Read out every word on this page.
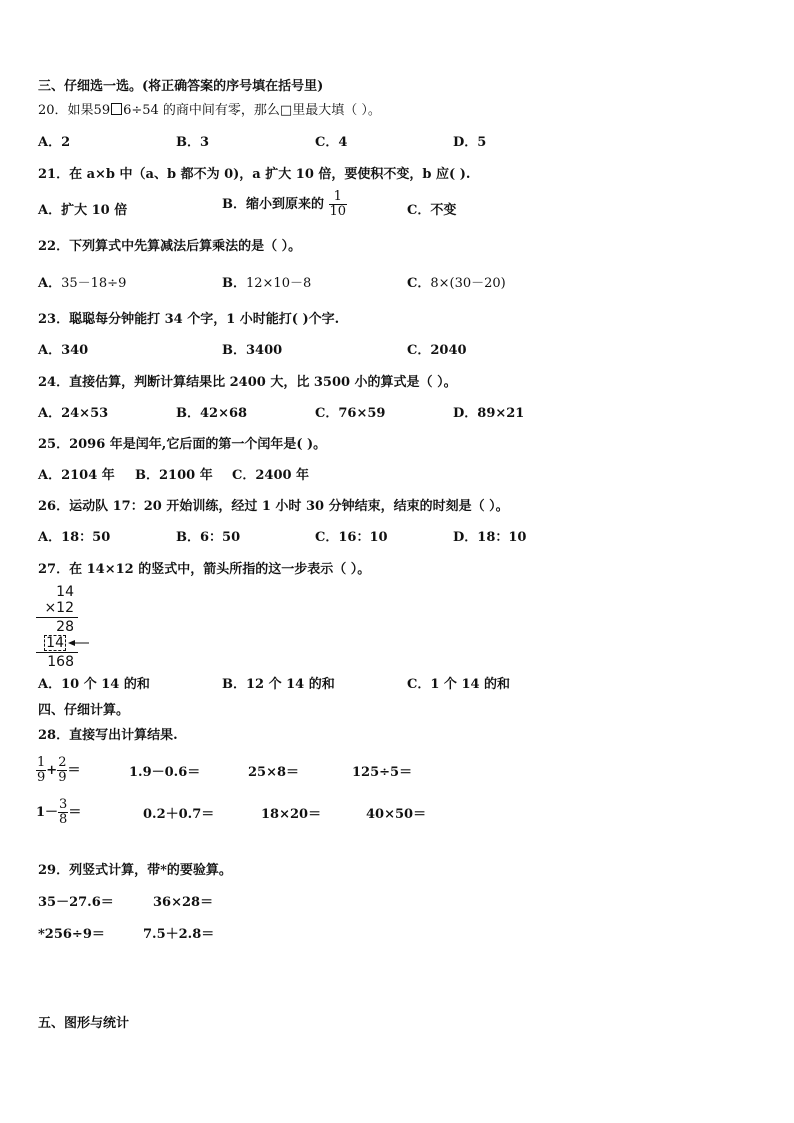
三、仔细选一选。(将正确答案的序号填在括号里)
20．如果59 6÷54 的商中间有零，那么□里最大填（ ）。
A．2	B．3	C．4	D．5
21．在 a×b 中（a、b 都不为 0)，a 扩大 10 倍，要使积不变，b 应( ).
A．扩大 10 倍	B．缩小到原来的 $\frac{1}{10}$	C．不变
22．下列算式中先算减法后算乘法的是（ ）。
A．35－18÷9	B．12×10－8	C．8×(30－20)
23．聪聪每分钟能打 34 个字，1 小时能打( )个字.
A．340	B．3400	C．2040
24．直接估算，判断计算结果比 2400 大，比 3500 小的算式是（ ）。
A．24×53	B．42×68	C．76×59	D．89×21
25．2096 年是闰年,它后面的第一个闰年是( )。
A．2104 年 B．2100 年 C．2400 年
26．运动队 17：20 开始训练，经过 1 小时 30 分钟结束，结束的时刻是（ ）。
A．18：50	B．6：50	C．16：10	D．18：10
27．在 14×12 的竖式中，箭头所指的这一步表示（ ）。
14
×12
28
14
168
A．10 个 14 的和	B．12 个 14 的和	C．1 个 14 的和
四、仔细计算。
28．直接写出计算结果.
$\frac{1}{9} + \frac{2}{9}$ ＝	1.9－0.6＝	25×8＝	125÷5＝
$1- \frac{3}{8}$ ＝	0.2＋0.7＝	18×20＝	40×50＝
29．列竖式计算，带*的要验算。
35－27.6＝	36×28＝
*256÷9＝	7.5＋2.8＝
五、图形与统计
